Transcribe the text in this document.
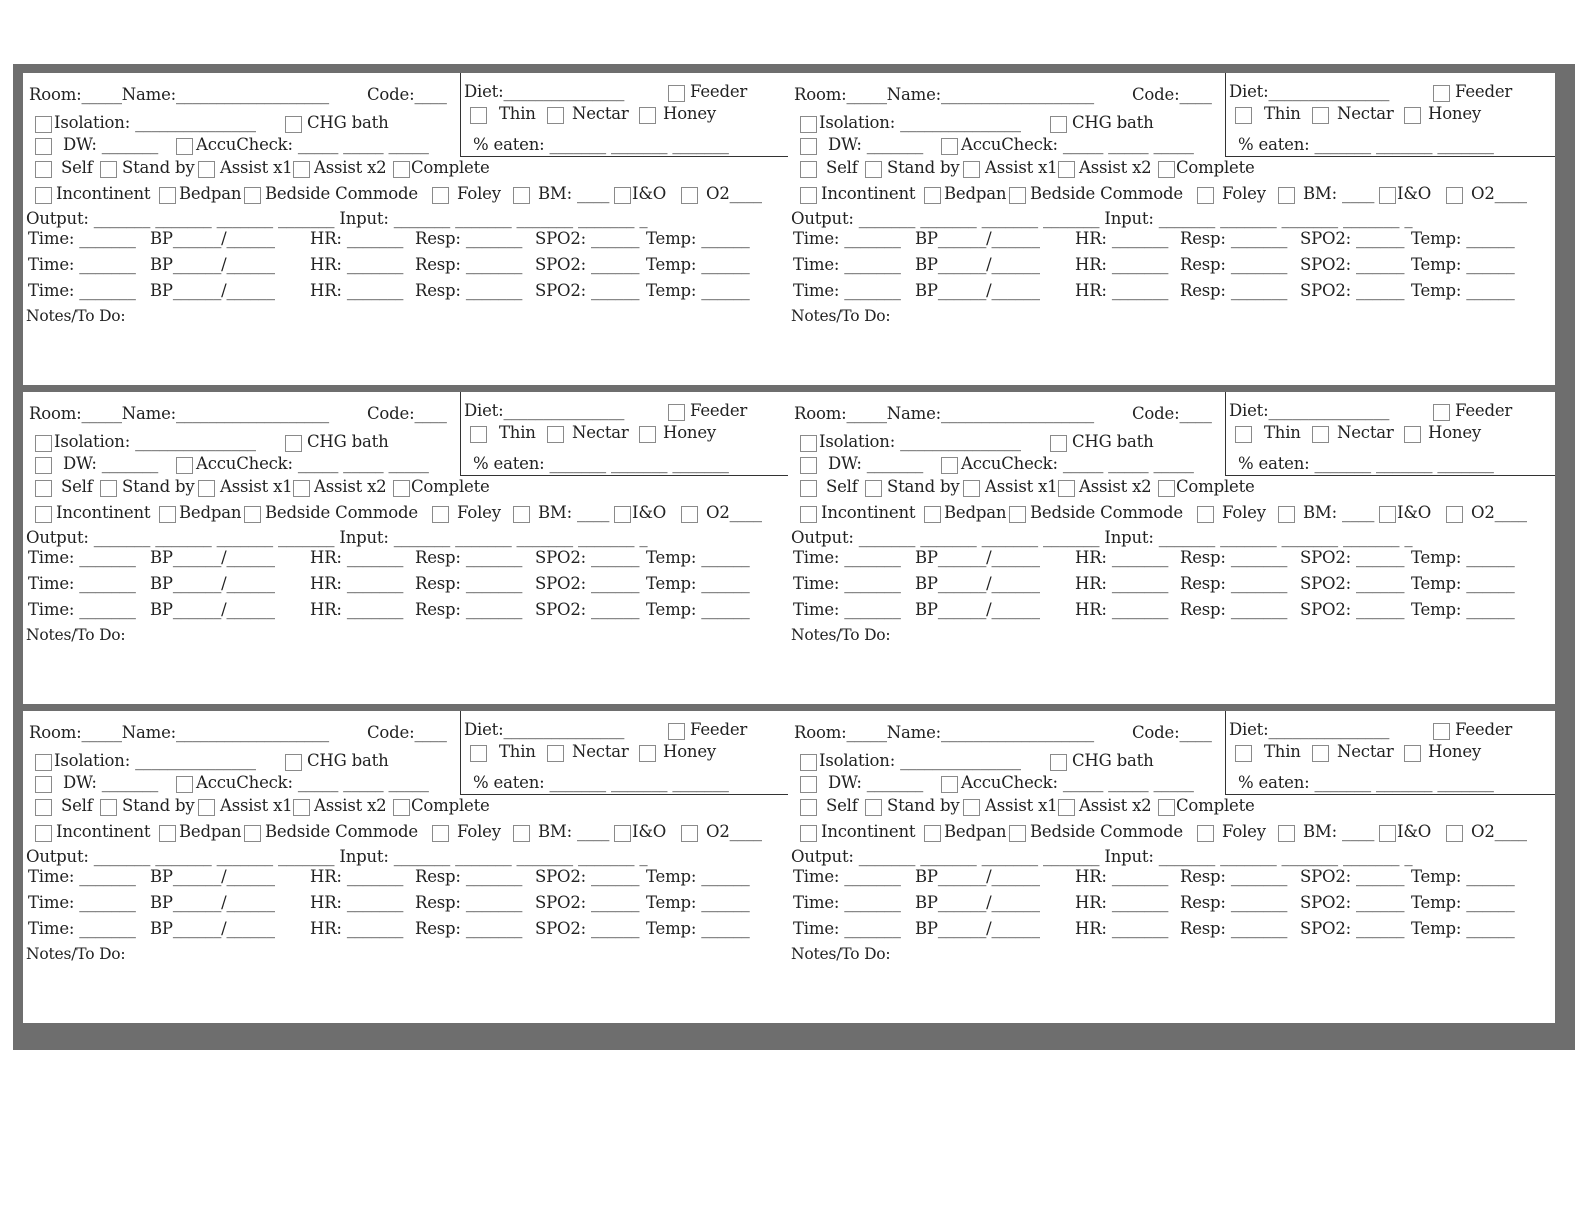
Room:_____Name:___________________ Code:____ Diet:_______________	Feeder
Thin Nectar Honey
% eaten: _______ _______ _______
Isolation: _______________	CHG bath
DW: _______ AccuCheck: _____ _____ _____
Self Stand by Assist x1 Assist x2 Complete
Incontinent Bedpan Bedside Commode Foley BM: ____ I&O O2____
Output: _______ _______ _______ _______ Input: _______ _______ _______ _______ _
Time: _______ BP______/______ HR: _______ Resp: _______ SPO2: ______ Temp: ______
Time: _______ BP______/______ HR: _______ Resp: _______ SPO2: ______ Temp: ______
Time: _______ BP______/______ HR: _______ Resp: _______ SPO2: ______ Temp: ______
Notes/To Do:
Room:_____Name:___________________ Code:____ Diet:_______________	Feeder
Thin Nectar Honey
% eaten: _______ _______ _______
Isolation: _______________	CHG bath
DW: _______ AccuCheck: _____ _____ _____
Self Stand by Assist x1 Assist x2 Complete
Incontinent Bedpan Bedside Commode Foley BM: ____ I&O O2____
Output: _______ _______ _______ _______ Input: _______ _______ _______ _______ _
Time: _______ BP______/______ HR: _______ Resp: _______ SPO2: ______ Temp: ______
Time: _______ BP______/______ HR: _______ Resp: _______ SPO2: ______ Temp: ______
Time: _______ BP______/______ HR: _______ Resp: _______ SPO2: ______ Temp: ______
Notes/To Do:
Room:_____Name:___________________ Code:____ Diet:_______________	Feeder
Thin Nectar Honey
% eaten: _______ _______ _______
Isolation: _______________	CHG bath
DW: _______ AccuCheck: _____ _____ _____
Self Stand by Assist x1 Assist x2 Complete
Incontinent Bedpan Bedside Commode Foley BM: ____ I&O O2____
Output: _______ _______ _______ _______ Input: _______ _______ _______ _______ _
Time: _______ BP______/______ HR: _______ Resp: _______ SPO2: ______ Temp: ______
Time: _______ BP______/______ HR: _______ Resp: _______ SPO2: ______ Temp: ______
Time: _______ BP______/______ HR: _______ Resp: _______ SPO2: ______ Temp: ______
Notes/To Do:
Room:_____Name:___________________ Code:____ Diet:_______________	Feeder
Thin Nectar Honey
% eaten: _______ _______ _______
Isolation: _______________	CHG bath
DW: _______ AccuCheck: _____ _____ _____
Self Stand by Assist x1 Assist x2 Complete
Incontinent Bedpan Bedside Commode Foley BM: ____ I&O O2____
Output: _______ _______ _______ _______ Input: _______ _______ _______ _______ _
Time: _______ BP______/______ HR: _______ Resp: _______ SPO2: ______ Temp: ______
Time: _______ BP______/______ HR: _______ Resp: _______ SPO2: ______ Temp: ______
Time: _______ BP______/______ HR: _______ Resp: _______ SPO2: ______ Temp: ______
Notes/To Do:
Room:_____Name:___________________ Code:____ Diet:_______________	Feeder
Thin Nectar Honey
% eaten: _______ _______ _______
Isolation: _______________	CHG bath
DW: _______ AccuCheck: _____ _____ _____
Self Stand by Assist x1 Assist x2 Complete
Incontinent Bedpan Bedside Commode Foley BM: ____ I&O O2____
Output: _______ _______ _______ _______ Input: _______ _______ _______ _______ _
Time: _______ BP______/______ HR: _______ Resp: _______ SPO2: ______ Temp: ______
Time: _______ BP______/______ HR: _______ Resp: _______ SPO2: ______ Temp: ______
Time: _______ BP______/______ HR: _______ Resp: _______ SPO2: ______ Temp: ______
Notes/To Do:
Room:_____Name:___________________ Code:____ Diet:_______________	Feeder
Thin Nectar Honey
% eaten: _______ _______ _______
Isolation: _______________	CHG bath
DW: _______ AccuCheck: _____ _____ _____
Self Stand by Assist x1 Assist x2 Complete
Incontinent Bedpan Bedside Commode Foley BM: ____ I&O O2____
Output: _______ _______ _______ _______ Input: _______ _______ _______ _______ _
Time: _______ BP______/______ HR: _______ Resp: _______ SPO2: ______ Temp: ______
Time: _______ BP______/______ HR: _______ Resp: _______ SPO2: ______ Temp: ______
Time: _______ BP______/______ HR: _______ Resp: _______ SPO2: ______ Temp: ______
Notes/To Do:
